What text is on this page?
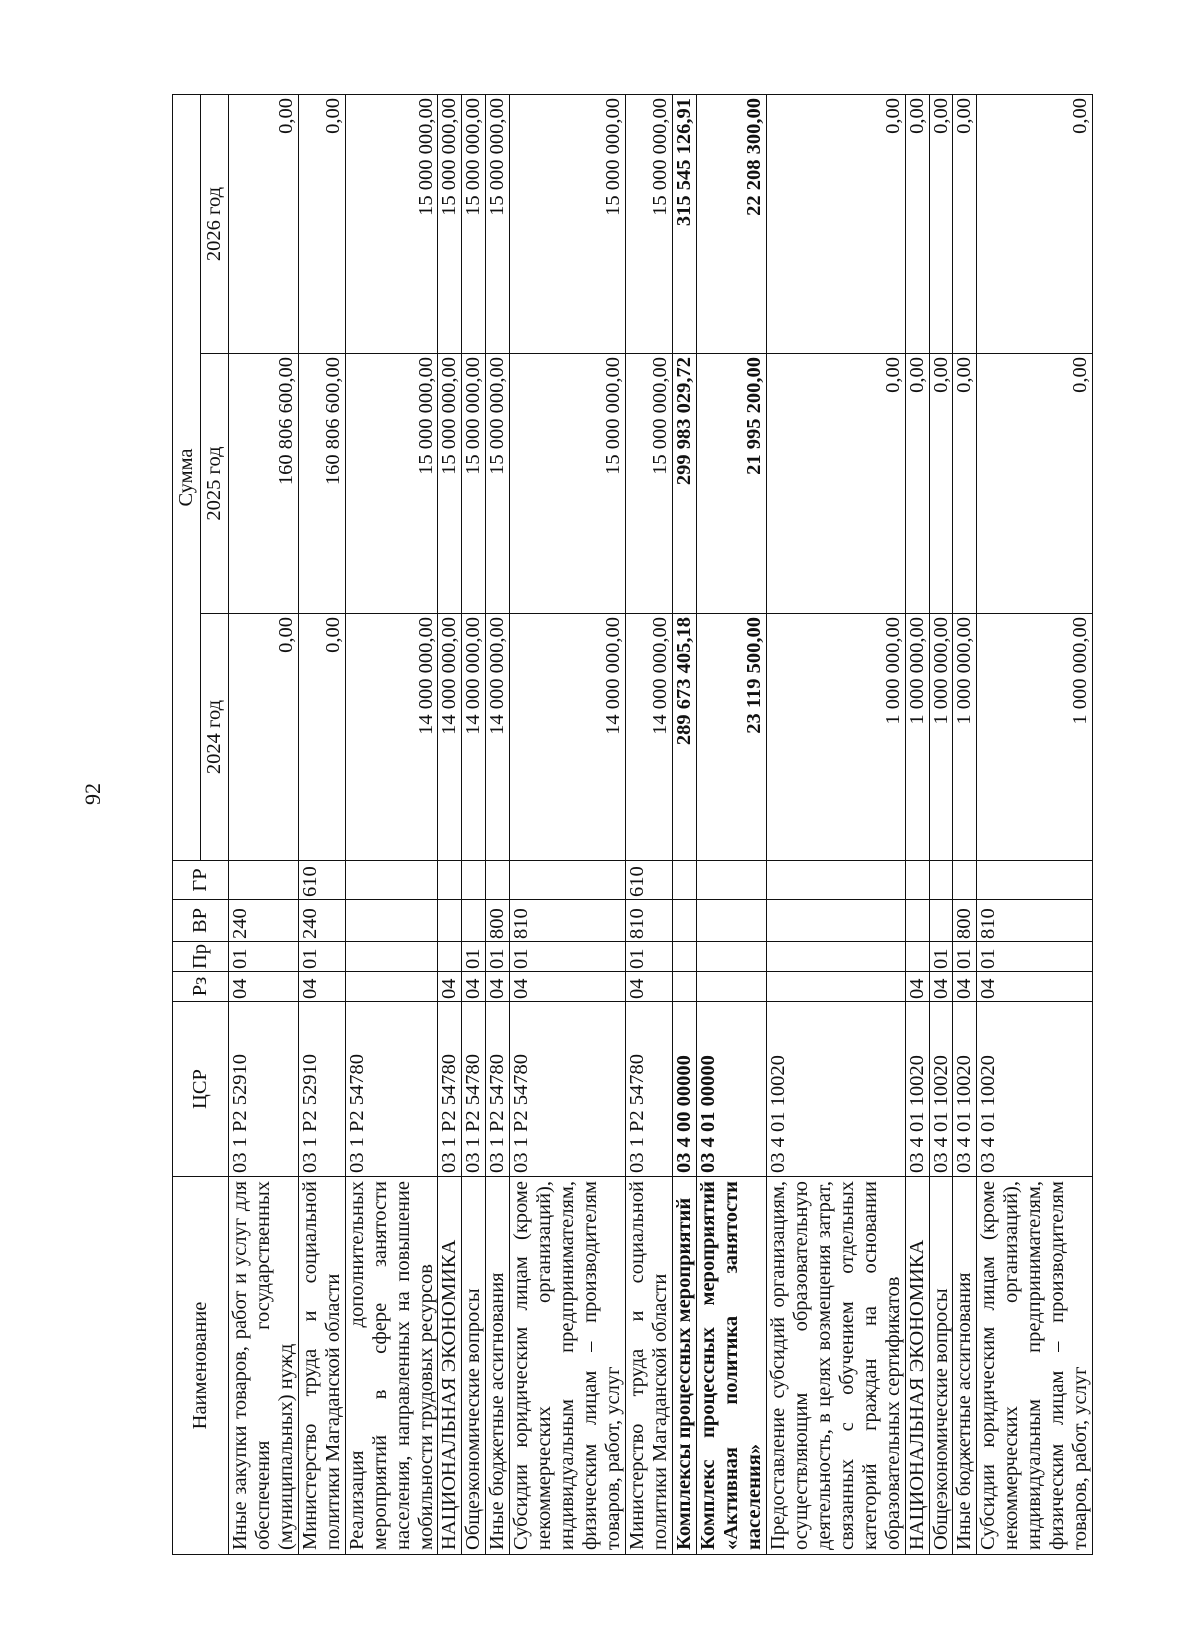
92
Наименование	ЦСР	Рз	Пр	ВР	ГР	Сумма		
						2024 год	2025 год	2026 год
Иные закупки товаров, работ и услуг для обеспечения государственных (муниципальных) нужд	03 1 Р2 52910	04	01	240		0,00	160 806 600,00	0,00
Министерство труда и социальной политики Магаданской области	03 1 Р2 52910	04	01	240	610	0,00	160 806 600,00	0,00
Реализация дополнительных мероприятий в сфере занятости населения, направленных на повышение мобильности трудовых ресурсов	03 1 Р2 54780					14 000 000,00	15 000 000,00	15 000 000,00
НАЦИОНАЛЬНАЯ ЭКОНОМИКА	03 1 Р2 54780	04				14 000 000,00	15 000 000,00	15 000 000,00
Общеэкономические вопросы	03 1 Р2 54780	04	01			14 000 000,00	15 000 000,00	15 000 000,00
Иные бюджетные ассигнования	03 1 Р2 54780	04	01	800		14 000 000,00	15 000 000,00	15 000 000,00
Субсидии юридическим лицам (кроме некоммерческих организаций), индивидуальным предпринимателям, физическим лицам – производителям товаров, работ, услуг	03 1 Р2 54780	04	01	810		14 000 000,00	15 000 000,00	15 000 000,00
Министерство труда и социальной политики Магаданской области	03 1 Р2 54780	04	01	810	610	14 000 000,00	15 000 000,00	15 000 000,00
Комплексы процессных мероприятий	03 4 00 00000					289 673 405,18	299 983 029,72	315 545 126,91
Комплекс процессных мероприятий «Активная политика занятости населения»	03 4 01 00000					23 119 500,00	21 995 200,00	22 208 300,00
Предоставление субсидий организациям, осуществляющим образовательную деятельность, в целях возмещения затрат, связанных с обучением отдельных категорий граждан на основании образовательных сертификатов	03 4 01 10020					1 000 000,00	0,00	0,00
НАЦИОНАЛЬНАЯ ЭКОНОМИКА	03 4 01 10020	04				1 000 000,00	0,00	0,00
Общеэкономические вопросы	03 4 01 10020	04	01			1 000 000,00	0,00	0,00
Иные бюджетные ассигнования	03 4 01 10020	04	01	800		1 000 000,00	0,00	0,00
Субсидии юридическим лицам (кроме некоммерческих организаций), индивидуальным предпринимателям, физическим лицам – производителям товаров, работ, услуг	03 4 01 10020	04	01	810		1 000 000,00	0,00	0,00
